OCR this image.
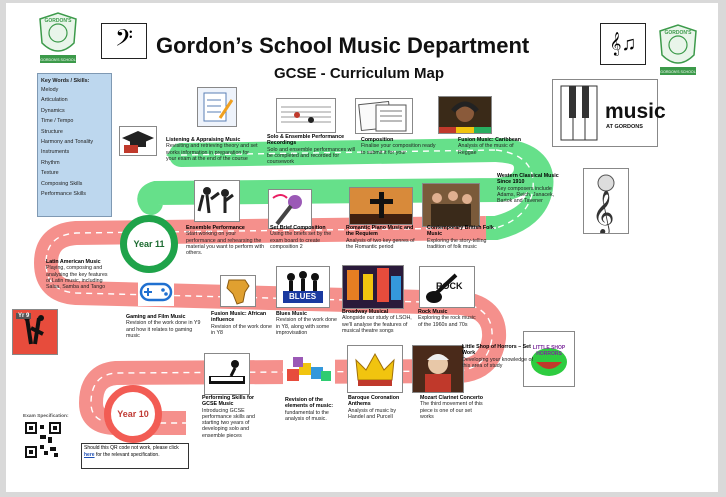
GORDON'S
GORDON'S SCHOOL
GORDON'S
GORDON'S SCHOOL
𝄢	𝄞♫
Gordon’s School Music Department
GCSE - Curriculum Map
Key Words / Skills:
Melody
Articulation
Dynamics
Time / Tempo
Structure
Harmony and Tonality
Instruments
Rhythm
Texture
Composing Skills
Performance Skills
music
AT GORDONS
Year 11
Year 10
𝄞
Yr 9
BLUES
ROCK
LITTLE SHOP HORRORS
Listening & Appraising Music
Revisiting and retrieving theory and set works information in preparation for your exam at the end of the course
Solo & Ensemble Performance Recordings
Solo and ensemble performances will be completed and recorded for coursework
Composition
Finalise your composition ready to submit it for your
Fusion Music: Caribbean
Analysis of the music of Reggae
Western Classical Music Since 1910
Key composers include Adams, Reich, Janacek, Bartok and Tavener
Ensemble Performance
Start working on your performance and rehearsing the material you want to perform with others.
Set Brief Composition
Using the briefs set by the exam board to create composition 2
Romantic Piano Music and the Requiem
Analysis of two key genres of the Romantic period
Contemporary British Folk Music
Exploring the story-telling tradition of folk music
Latin American Music
Playing, composing and analysing the key features of Latin music, including Salsa, Samba and Tango
Gaming and Film Music
Revision of the work done in Y9 and how it relates to gaming music
Fusion Music: African influence
Revision of the work done in Y8
Blues Music
Revision of the work done in Y8, along with some improvisation
Broadway Musical
Alongside our study of LSOH, we’ll analyse the features of musical theatre songs
Rock Music
Exploring the rock music of the 1960s and 70s
Little Shop of Horrors – Set Work
Developing your knowledge of this area of study
Performing Skills for GCSE Music
Introducing GCSE performance skills and starting two years of developing solo and ensemble pieces
Revision of the elements of music:
fundamental to the analysis of music.
Baroque Coronation Anthems
Analysis of music by Handel and Purcell
Mozart Clarinet Concerto
The third movement of this piece is one of our set works
Exam Specification:
Should this QR code not work, please click here for the relevant specification.
